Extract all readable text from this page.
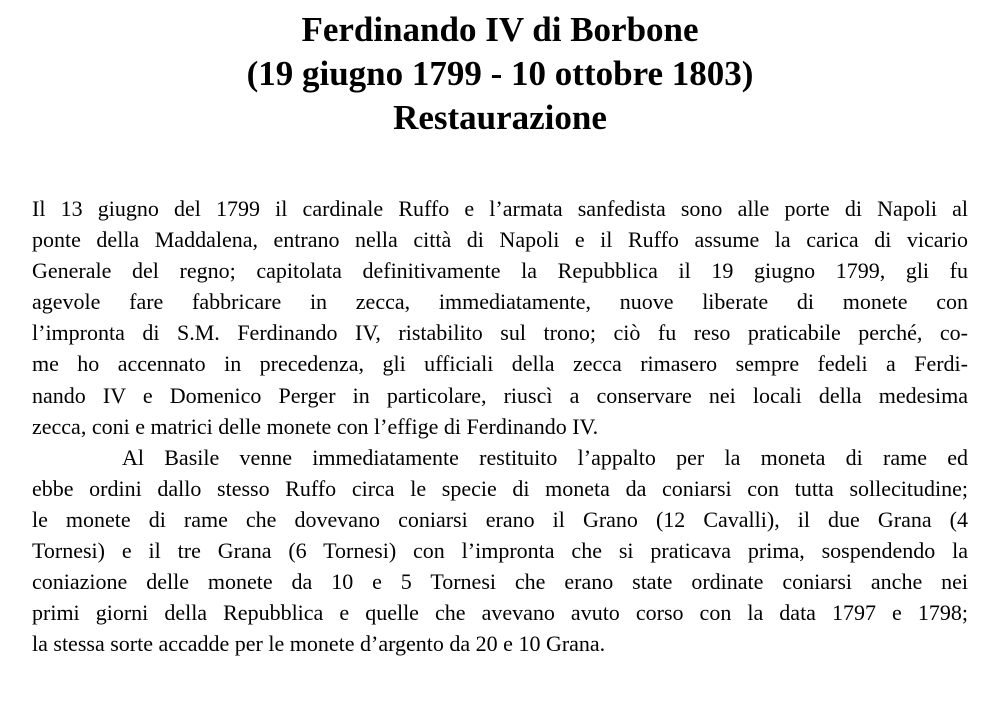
Ferdinando IV di Borbone
(19 giugno 1799 - 10 ottobre 1803)
Restaurazione

Il 13 giugno del 1799 il cardinale Ruffo e l’armata sanfedista sono alle porte di Napoli al
ponte della Maddalena, entrano nella città di Napoli e il Ruffo assume la carica di vicario
Generale del regno; capitolata definitivamente la Repubblica il 19 giugno 1799, gli fu
agevole fare fabbricare in zecca, immediatamente, nuove liberate di monete con
l’impronta di S.M. Ferdinando IV, ristabilito sul trono; ciò fu reso praticabile perché, co-
me ho accennato in precedenza, gli ufficiali della zecca rimasero sempre fedeli a Ferdi-
nando IV e Domenico Perger in particolare, riuscì a conservare nei locali della medesima
zecca, coni e matrici delle monete con l’effige di Ferdinando IV.

Al Basile venne immediatamente restituito l’appalto per la moneta di rame ed
ebbe ordini dallo stesso Ruffo circa le specie di moneta da coniarsi con tutta sollecitudine;
le monete di rame che dovevano coniarsi erano il Grano (12 Cavalli), il due Grana (4
Tornesi) e il tre Grana (6 Tornesi) con l’impronta che si praticava prima, sospendendo la
coniazione delle monete da 10 e 5 Tornesi che erano state ordinate coniarsi anche nei
primi giorni della Repubblica e quelle che avevano avuto corso con la data 1797 e 1798;
la stessa sorte accadde per le monete d’argento da 20 e 10 Grana.
